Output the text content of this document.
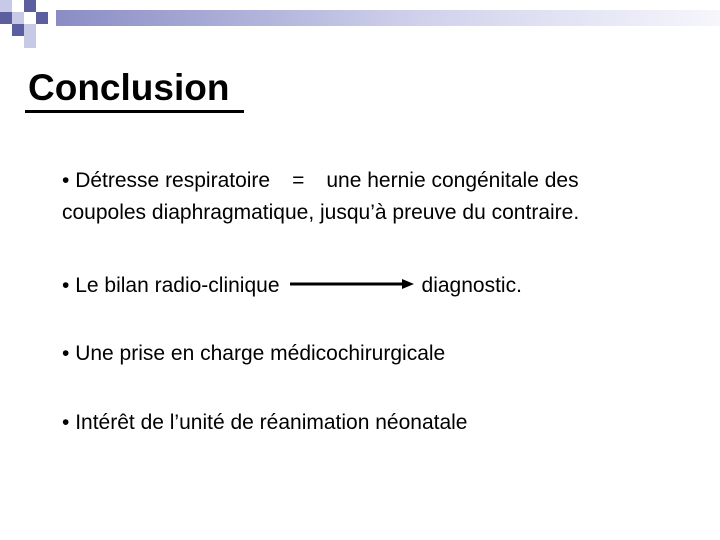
Conclusion
• Détresse respiratoire = une hernie congénitale des
coupoles diaphragmatique, jusqu’à preuve du contraire.
• Le bilan radio-clinique	diagnostic.
• Une prise en charge médicochirurgicale
• Intérêt de l’unité de réanimation néonatale
